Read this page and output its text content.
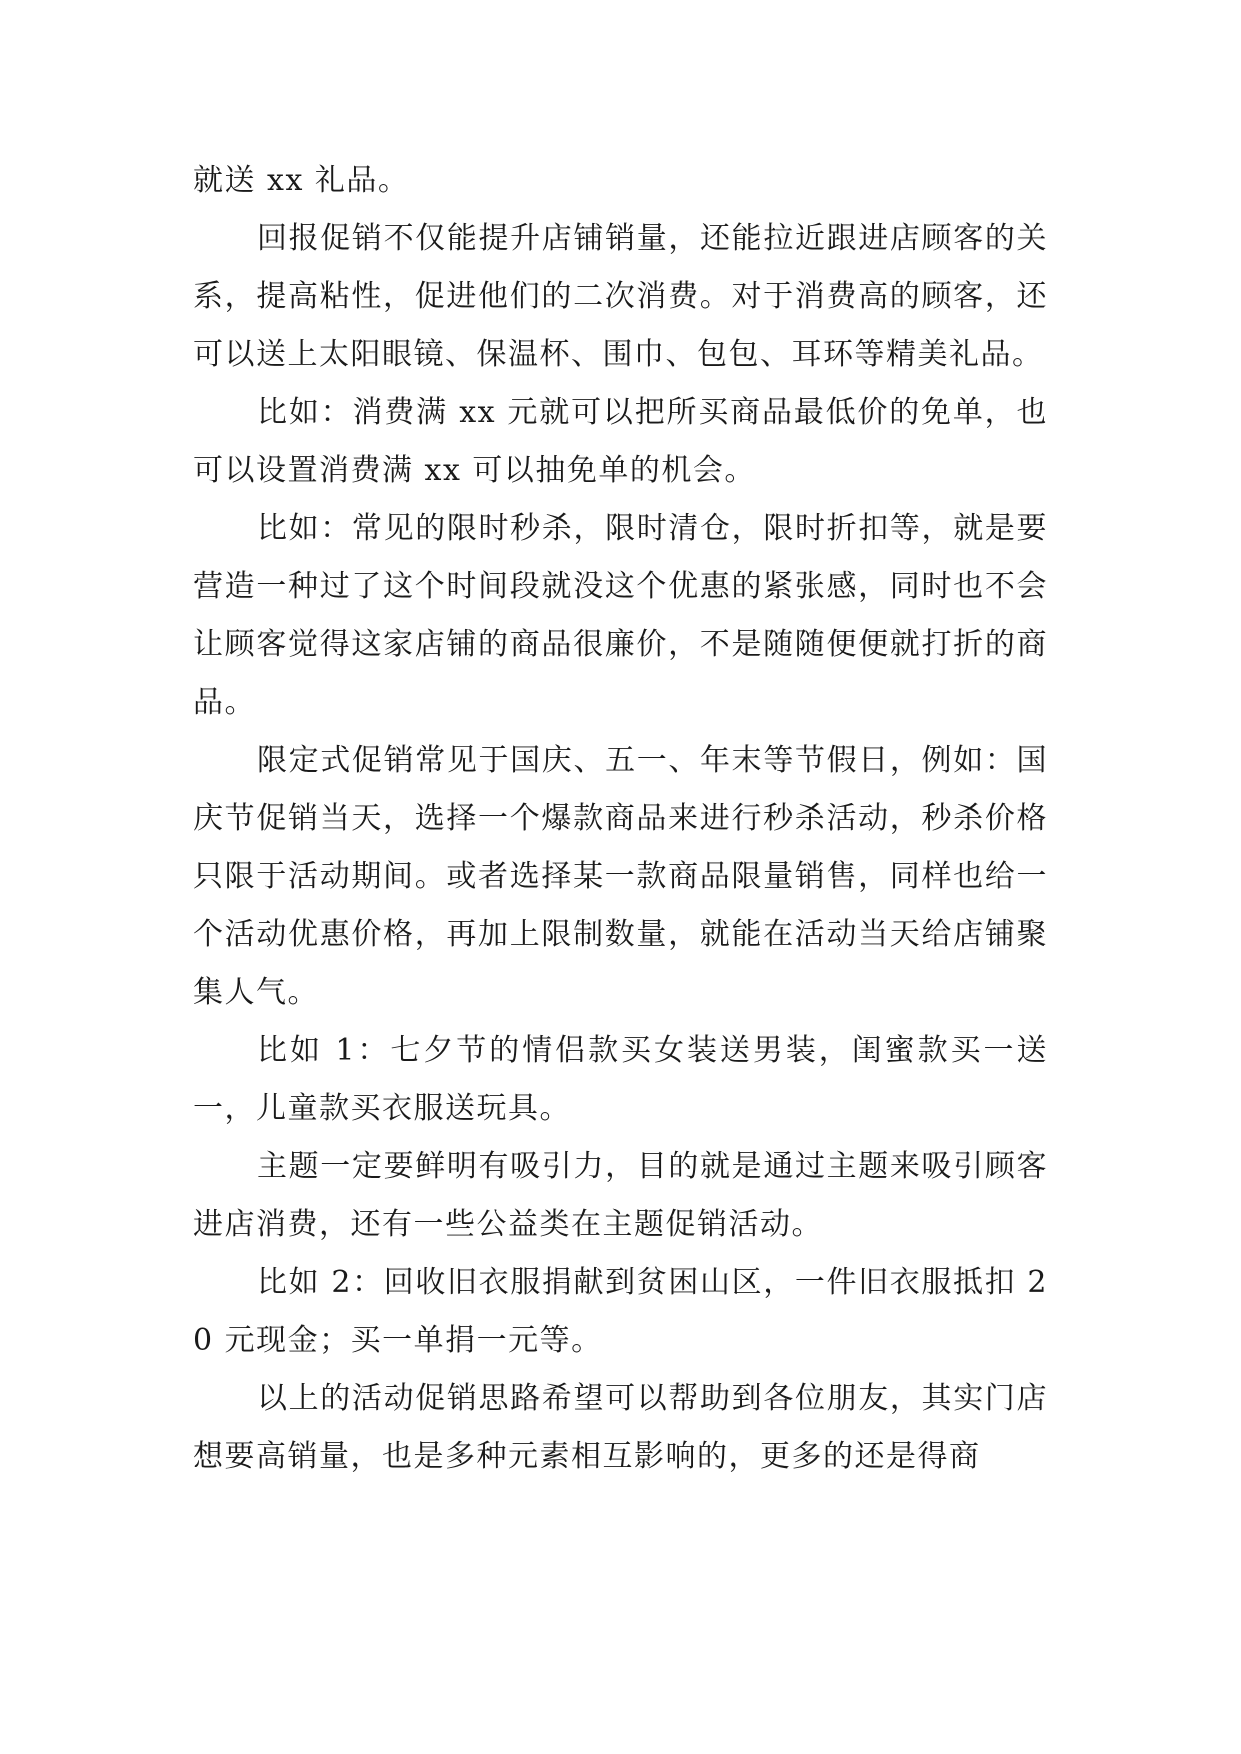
就送 xx 礼品。

回报促销不仅能提升店铺销量，还能拉近跟进店顾客的关系，提高粘性，促进他们的二次消费。对于消费高的顾客，还可以送上太阳眼镜、保温杯、围巾、包包、耳环等精美礼品。

比如：消费满 xx 元就可以把所买商品最低价的免单，也可以设置消费满 xx 可以抽免单的机会。

比如：常见的限时秒杀，限时清仓，限时折扣等，就是要营造一种过了这个时间段就没这个优惠的紧张感，同时也不会让顾客觉得这家店铺的商品很廉价，不是随随便便就打折的商品。

限定式促销常见于国庆、五一、年末等节假日，例如：国庆节促销当天，选择一个爆款商品来进行秒杀活动，秒杀价格只限于活动期间。或者选择某一款商品限量销售，同样也给一个活动优惠价格，再加上限制数量，就能在活动当天给店铺聚集人气。

比如 1：七夕节的情侣款买女装送男装，闺蜜款买一送一，儿童款买衣服送玩具。

主题一定要鲜明有吸引力，目的就是通过主题来吸引顾客进店消费，还有一些公益类在主题促销活动。

比如 2：回收旧衣服捐献到贫困山区，一件旧衣服抵扣 20 元现金；买一单捐一元等。

以上的活动促销思路希望可以帮助到各位朋友，其实门店想要高销量，也是多种元素相互影响的，更多的还是得商
